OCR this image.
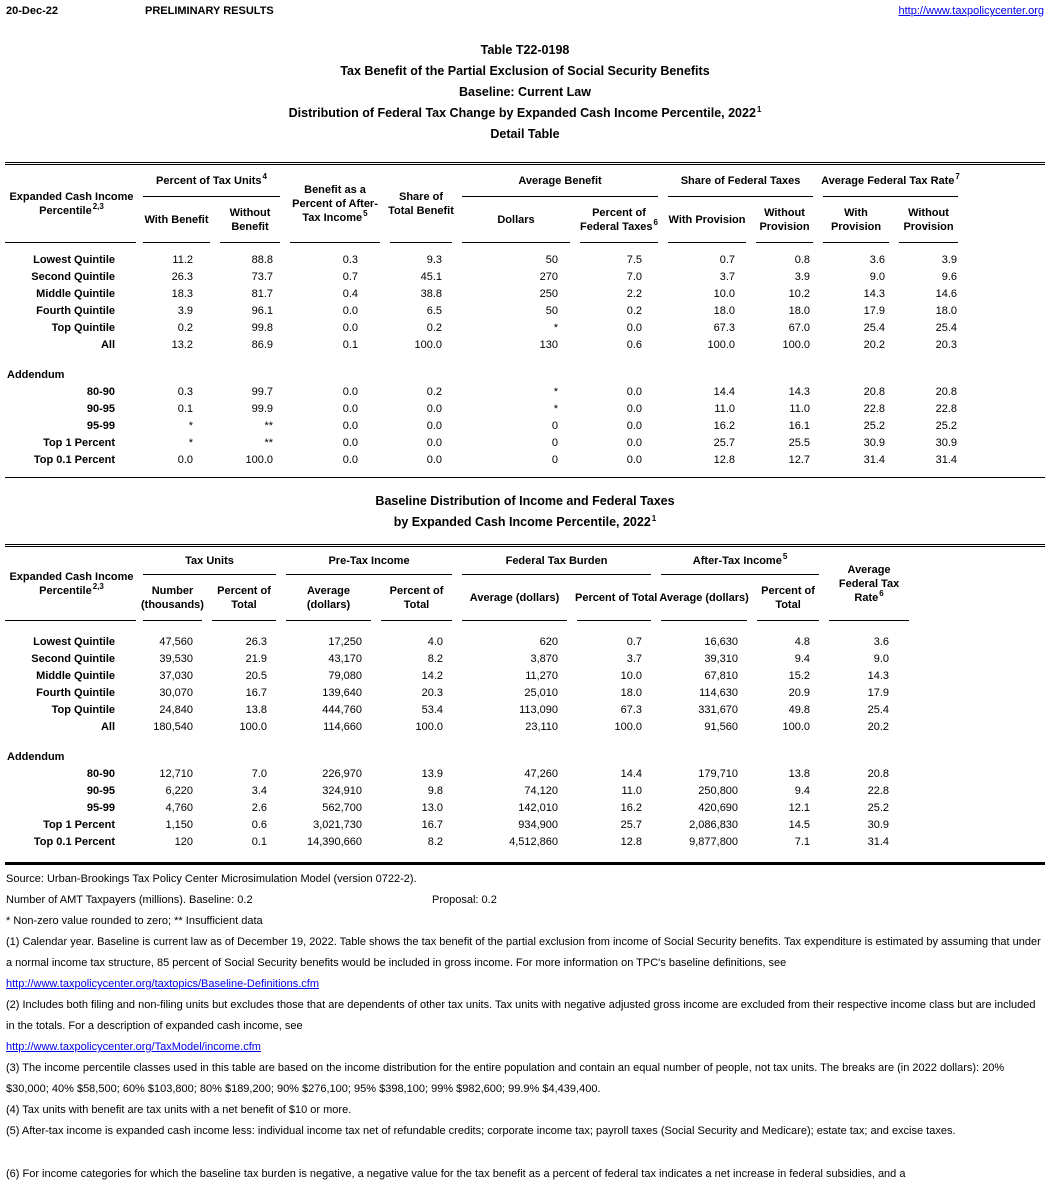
20-Dec-22	PRELIMINARY RESULTS	http://www.taxpolicycenter.org
Table T22-0198
Tax Benefit of the Partial Exclusion of Social Security Benefits
Baseline: Current Law
Distribution of Federal Tax Change by Expanded Cash Income Percentile, 2022$^1$
Detail Table
Expanded Cash Income
Percentile$^{2,3}$	Percent of Tax Units$^4$		Benefit as a Percent of After-Tax Income$^5$	Share of Total Benefit	Average Benefit		Share of Federal Taxes		Average Federal Tax Rate$^7$	
	With Benefit	Without Benefit			Dollars	Percent of Federal Taxes$^6$	With Provision	Without Provision	With Provision	Without Provision	

Lowest Quintile	11.2	88.8	0.3	9.3	50	7.5	0.7	0.8	3.6	3.9	
Second Quintile	26.3	73.7	0.7	45.1	270	7.0	3.7	3.9	9.0	9.6	
Middle Quintile	18.3	81.7	0.4	38.8	250	2.2	10.0	10.2	14.3	14.6	
Fourth Quintile	3.9	96.1	0.0	6.5	50	0.2	18.0	18.0	17.9	18.0	
Top Quintile	0.2	99.8	0.0	0.2	*	0.0	67.3	67.0	25.4	25.4	
All	13.2	86.9	0.1	100.0	130	0.6	100.0	100.0	20.2	20.3	

Addendum											
80-90	0.3	99.7	0.0	0.2	*	0.0	14.4	14.3	20.8	20.8	
90-95	0.1	99.9	0.0	0.0	*	0.0	11.0	11.0	22.8	22.8	
95-99	*	**	0.0	0.0	0	0.0	16.2	16.1	25.2	25.2	
Top 1 Percent	*	**	0.0	0.0	0	0.0	25.7	25.5	30.9	30.9	
Top 0.1 Percent	0.0	100.0	0.0	0.0	0	0.0	12.8	12.7	31.4	31.4	

Baseline Distribution of Income and Federal Taxes
by Expanded Cash Income Percentile, 2022$^1$
Expanded Cash Income
Percentile$^{2,3}$	Tax Units		Pre-Tax Income		Federal Tax Burden		After-Tax Income$^5$		Average Federal Tax Rate$^6$	
	Number (thousands)	Percent of Total	Average (dollars)	Percent of Total	Average (dollars)	Percent of Total	Average (dollars)	Percent of Total		

Lowest Quintile	47,560	26.3	17,250	4.0	620	0.7	16,630	4.8	3.6	
Second Quintile	39,530	21.9	43,170	8.2	3,870	3.7	39,310	9.4	9.0	
Middle Quintile	37,030	20.5	79,080	14.2	11,270	10.0	67,810	15.2	14.3	
Fourth Quintile	30,070	16.7	139,640	20.3	25,010	18.0	114,630	20.9	17.9	
Top Quintile	24,840	13.8	444,760	53.4	113,090	67.3	331,670	49.8	25.4	
All	180,540	100.0	114,660	100.0	23,110	100.0	91,560	100.0	20.2	

Addendum										
80-90	12,710	7.0	226,970	13.9	47,260	14.4	179,710	13.8	20.8	
90-95	6,220	3.4	324,910	9.8	74,120	11.0	250,800	9.4	22.8	
95-99	4,760	2.6	562,700	13.0	142,010	16.2	420,690	12.1	25.2	
Top 1 Percent	1,150	0.6	3,021,730	16.7	934,900	25.7	2,086,830	14.5	30.9	
Top 0.1 Percent	120	0.1	14,390,660	8.2	4,512,860	12.8	9,877,800	7.1	31.4	

Source: Urban-Brookings Tax Policy Center Microsimulation Model (version 0722-2).
Number of AMT Taxpayers (millions). Baseline: 0.2	Proposal: 0.2
* Non-zero value rounded to zero; ** Insufficient data
(1) Calendar year. Baseline is current law as of December 19, 2022. Table shows the tax benefit of the partial exclusion from income of Social Security benefits. Tax expenditure is estimated by assuming that under a normal income tax structure, 85 percent of Social Security benefits would be included in gross income. For more information on TPC's baseline definitions, see
http://www.taxpolicycenter.org/taxtopics/Baseline-Definitions.cfm
(2) Includes both filing and non-filing units but excludes those that are dependents of other tax units. Tax units with negative adjusted gross income are excluded from their respective income class but are included in the totals. For a description of expanded cash income, see
http://www.taxpolicycenter.org/TaxModel/income.cfm
(3) The income percentile classes used in this table are based on the income distribution for the entire population and contain an equal number of people, not tax units. The breaks are (in 2022 dollars): 20% $30,000; 40% $58,500; 60% $103,800; 80% $189,200; 90% $276,100; 95% $398,100; 99% $982,600; 99.9% $4,439,400.
(4) Tax units with benefit are tax units with a net benefit of $10 or more.
(5) After-tax income is expanded cash income less: individual income tax net of refundable credits; corporate income tax; payroll taxes (Social Security and Medicare); estate tax; and excise taxes.
(6) For income categories for which the baseline tax burden is negative, a negative value for the tax benefit as a percent of federal tax indicates a net increase in federal subsidies, and a
